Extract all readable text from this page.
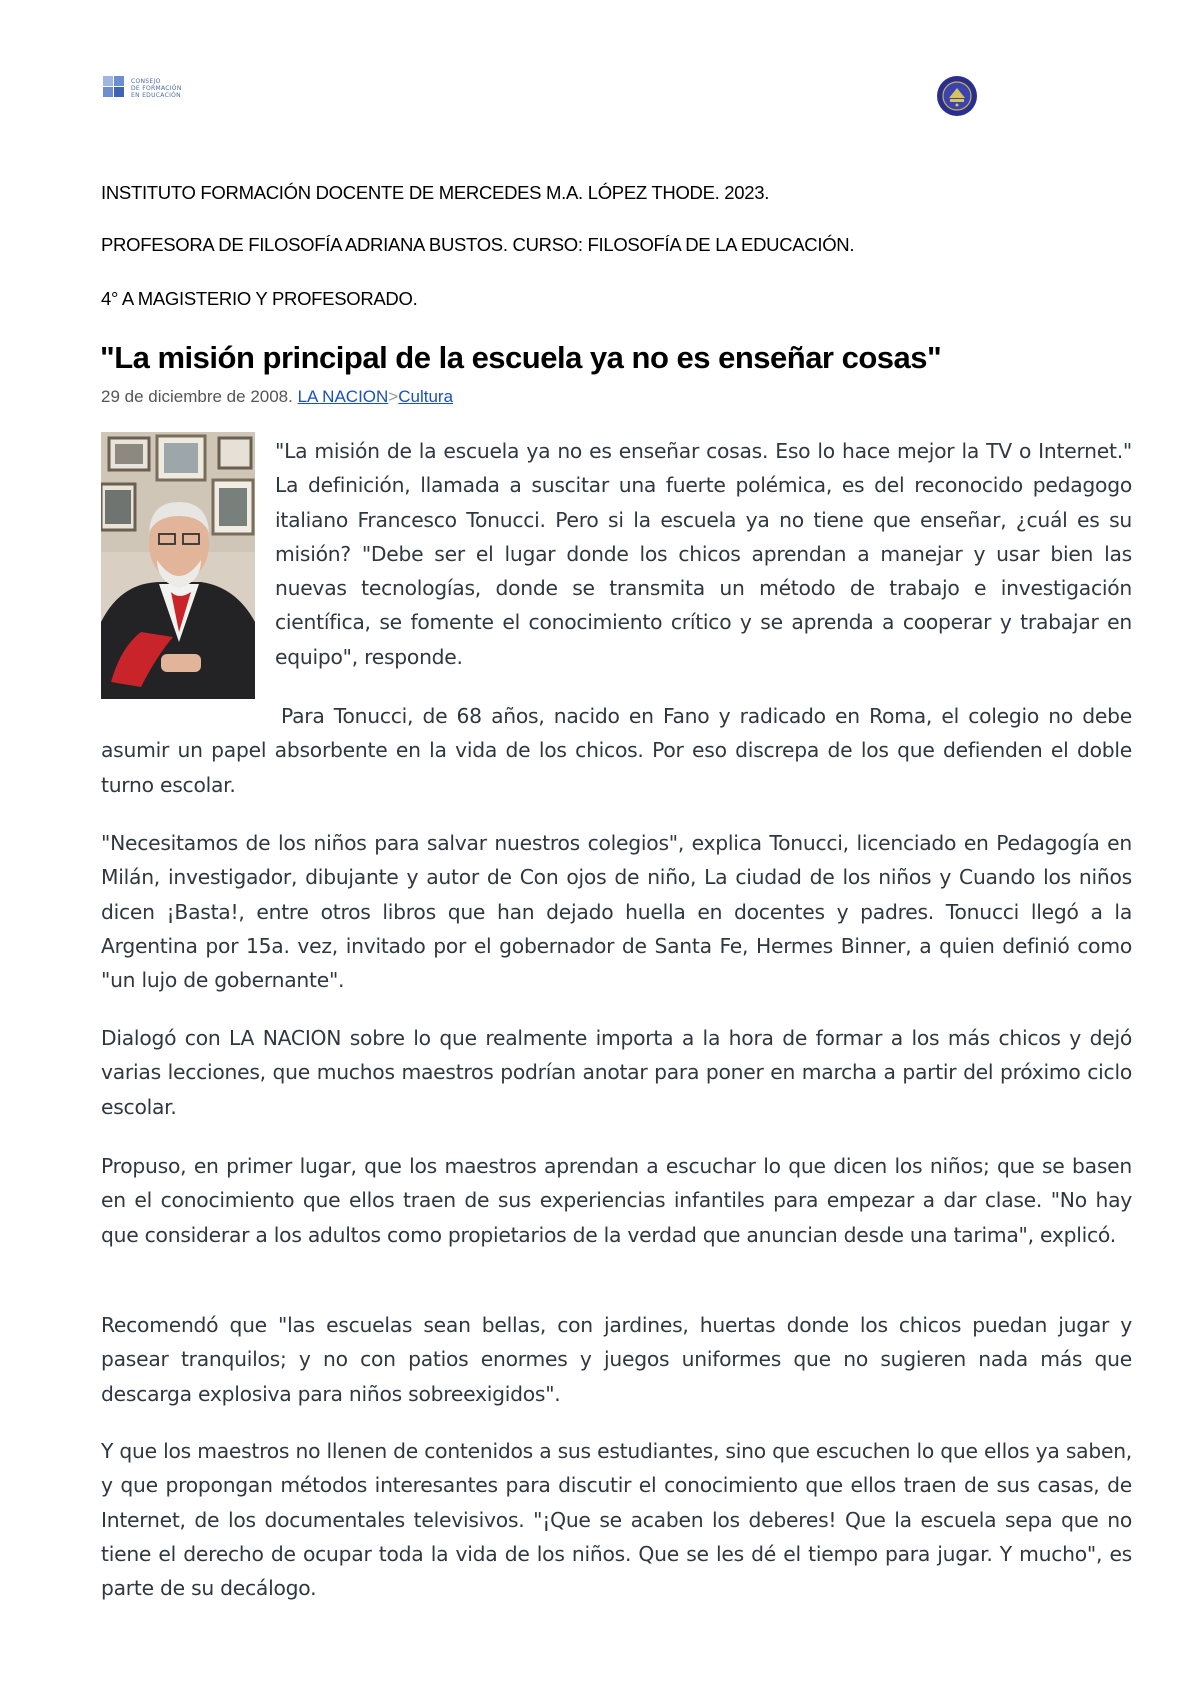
CONSEJO
DE FORMACIÓN
EN EDUCACIÓN
INSTITUTO FORMACIÓN DOCENTE DE MERCEDES M.A. LÓPEZ THODE. 2023.
PROFESORA DE FILOSOFÍA ADRIANA BUSTOS. CURSO: FILOSOFÍA DE LA EDUCACIÓN.
4° A MAGISTERIO Y PROFESORADO.
"La misión principal de la escuela ya no es enseñar cosas"
29 de diciembre de 2008. LA NACION>Cultura

"La misión de la escuela ya no es enseñar cosas. Eso lo hace mejor la TV o Internet." La definición, llamada a suscitar una fuerte polémica, es del reconocido pedagogo italiano Francesco Tonucci. Pero si la escuela ya no tiene que enseñar, ¿cuál es su misión? "Debe ser el lugar donde los chicos aprendan a manejar y usar bien las nuevas tecnologías, donde se transmita un método de trabajo e investigación científica, se fomente el conocimiento crítico y se aprenda a cooperar y trabajar en equipo", responde.

Para Tonucci, de 68 años, nacido en Fano y radicado en Roma, el colegio no debe asumir un papel absorbente en la vida de los chicos. Por eso discrepa de los que defienden el doble turno escolar.

"Necesitamos de los niños para salvar nuestros colegios", explica Tonucci, licenciado en Pedagogía en Milán, investigador, dibujante y autor de Con ojos de niño, La ciudad de los niños y Cuando los niños dicen ¡Basta!, entre otros libros que han dejado huella en docentes y padres. Tonucci llegó a la Argentina por 15a. vez, invitado por el gobernador de Santa Fe, Hermes Binner, a quien definió como "un lujo de gobernante".

Dialogó con LA NACION sobre lo que realmente importa a la hora de formar a los más chicos y dejó varias lecciones, que muchos maestros podrían anotar para poner en marcha a partir del próximo ciclo escolar.

Propuso, en primer lugar, que los maestros aprendan a escuchar lo que dicen los niños; que se basen en el conocimiento que ellos traen de sus experiencias infantiles para empezar a dar clase. "No hay que considerar a los adultos como propietarios de la verdad que anuncian desde una tarima", explicó.

Recomendó que "las escuelas sean bellas, con jardines, huertas donde los chicos puedan jugar y pasear tranquilos; y no con patios enormes y juegos uniformes que no sugieren nada más que descarga explosiva para niños sobreexigidos".

Y que los maestros no llenen de contenidos a sus estudiantes, sino que escuchen lo que ellos ya saben, y que propongan métodos interesantes para discutir el conocimiento que ellos traen de sus casas, de Internet, de los documentales televisivos. "¡Que se acaben los deberes! Que la escuela sepa que no tiene el derecho de ocupar toda la vida de los niños. Que se les dé el tiempo para jugar. Y mucho", es parte de su decálogo.
